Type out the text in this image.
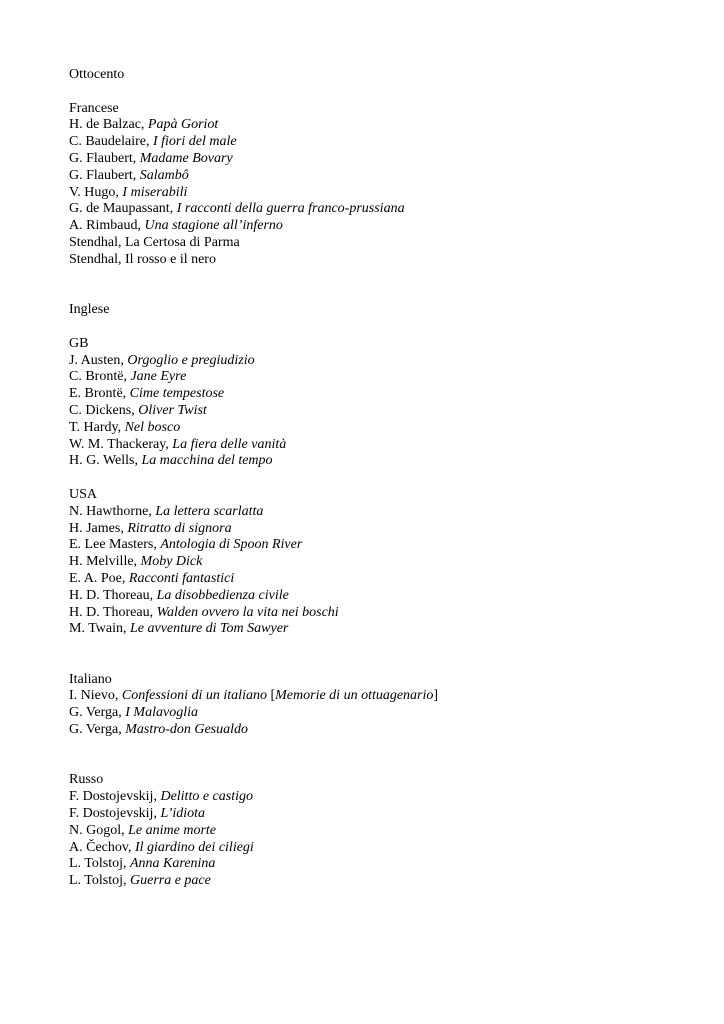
Ottocento
Francese
H. de Balzac, Papà Goriot
C. Baudelaire, I fiori del male
G. Flaubert, Madame Bovary
G. Flaubert, Salambô
V. Hugo, I miserabili
G. de Maupassant, I racconti della guerra franco-prussiana
A. Rimbaud, Una stagione all’inferno
Stendhal, La Certosa di Parma
Stendhal, Il rosso e il nero
Inglese
GB
J. Austen, Orgoglio e pregiudizio
C. Brontë, Jane Eyre
E. Brontë, Cime tempestose
C. Dickens, Oliver Twist
T. Hardy, Nel bosco
W. M. Thackeray, La fiera delle vanità
H. G. Wells, La macchina del tempo
USA
N. Hawthorne, La lettera scarlatta
H. James, Ritratto di signora
E. Lee Masters, Antologia di Spoon River
H. Melville, Moby Dick
E. A. Poe, Racconti fantastici
H. D. Thoreau, La disobbedienza civile
H. D. Thoreau, Walden ovvero la vita nei boschi
M. Twain, Le avventure di Tom Sawyer
Italiano
I. Nievo, Confessioni di un italiano [Memorie di un ottuagenario]
G. Verga, I Malavoglia
G. Verga, Mastro-don Gesualdo
Russo
F. Dostojevskij, Delitto e castigo
F. Dostojevskij, L’idiota
N. Gogol, Le anime morte
A. Čechov, Il giardino dei ciliegi
L. Tolstoj, Anna Karenina
L. Tolstoj, Guerra e pace
